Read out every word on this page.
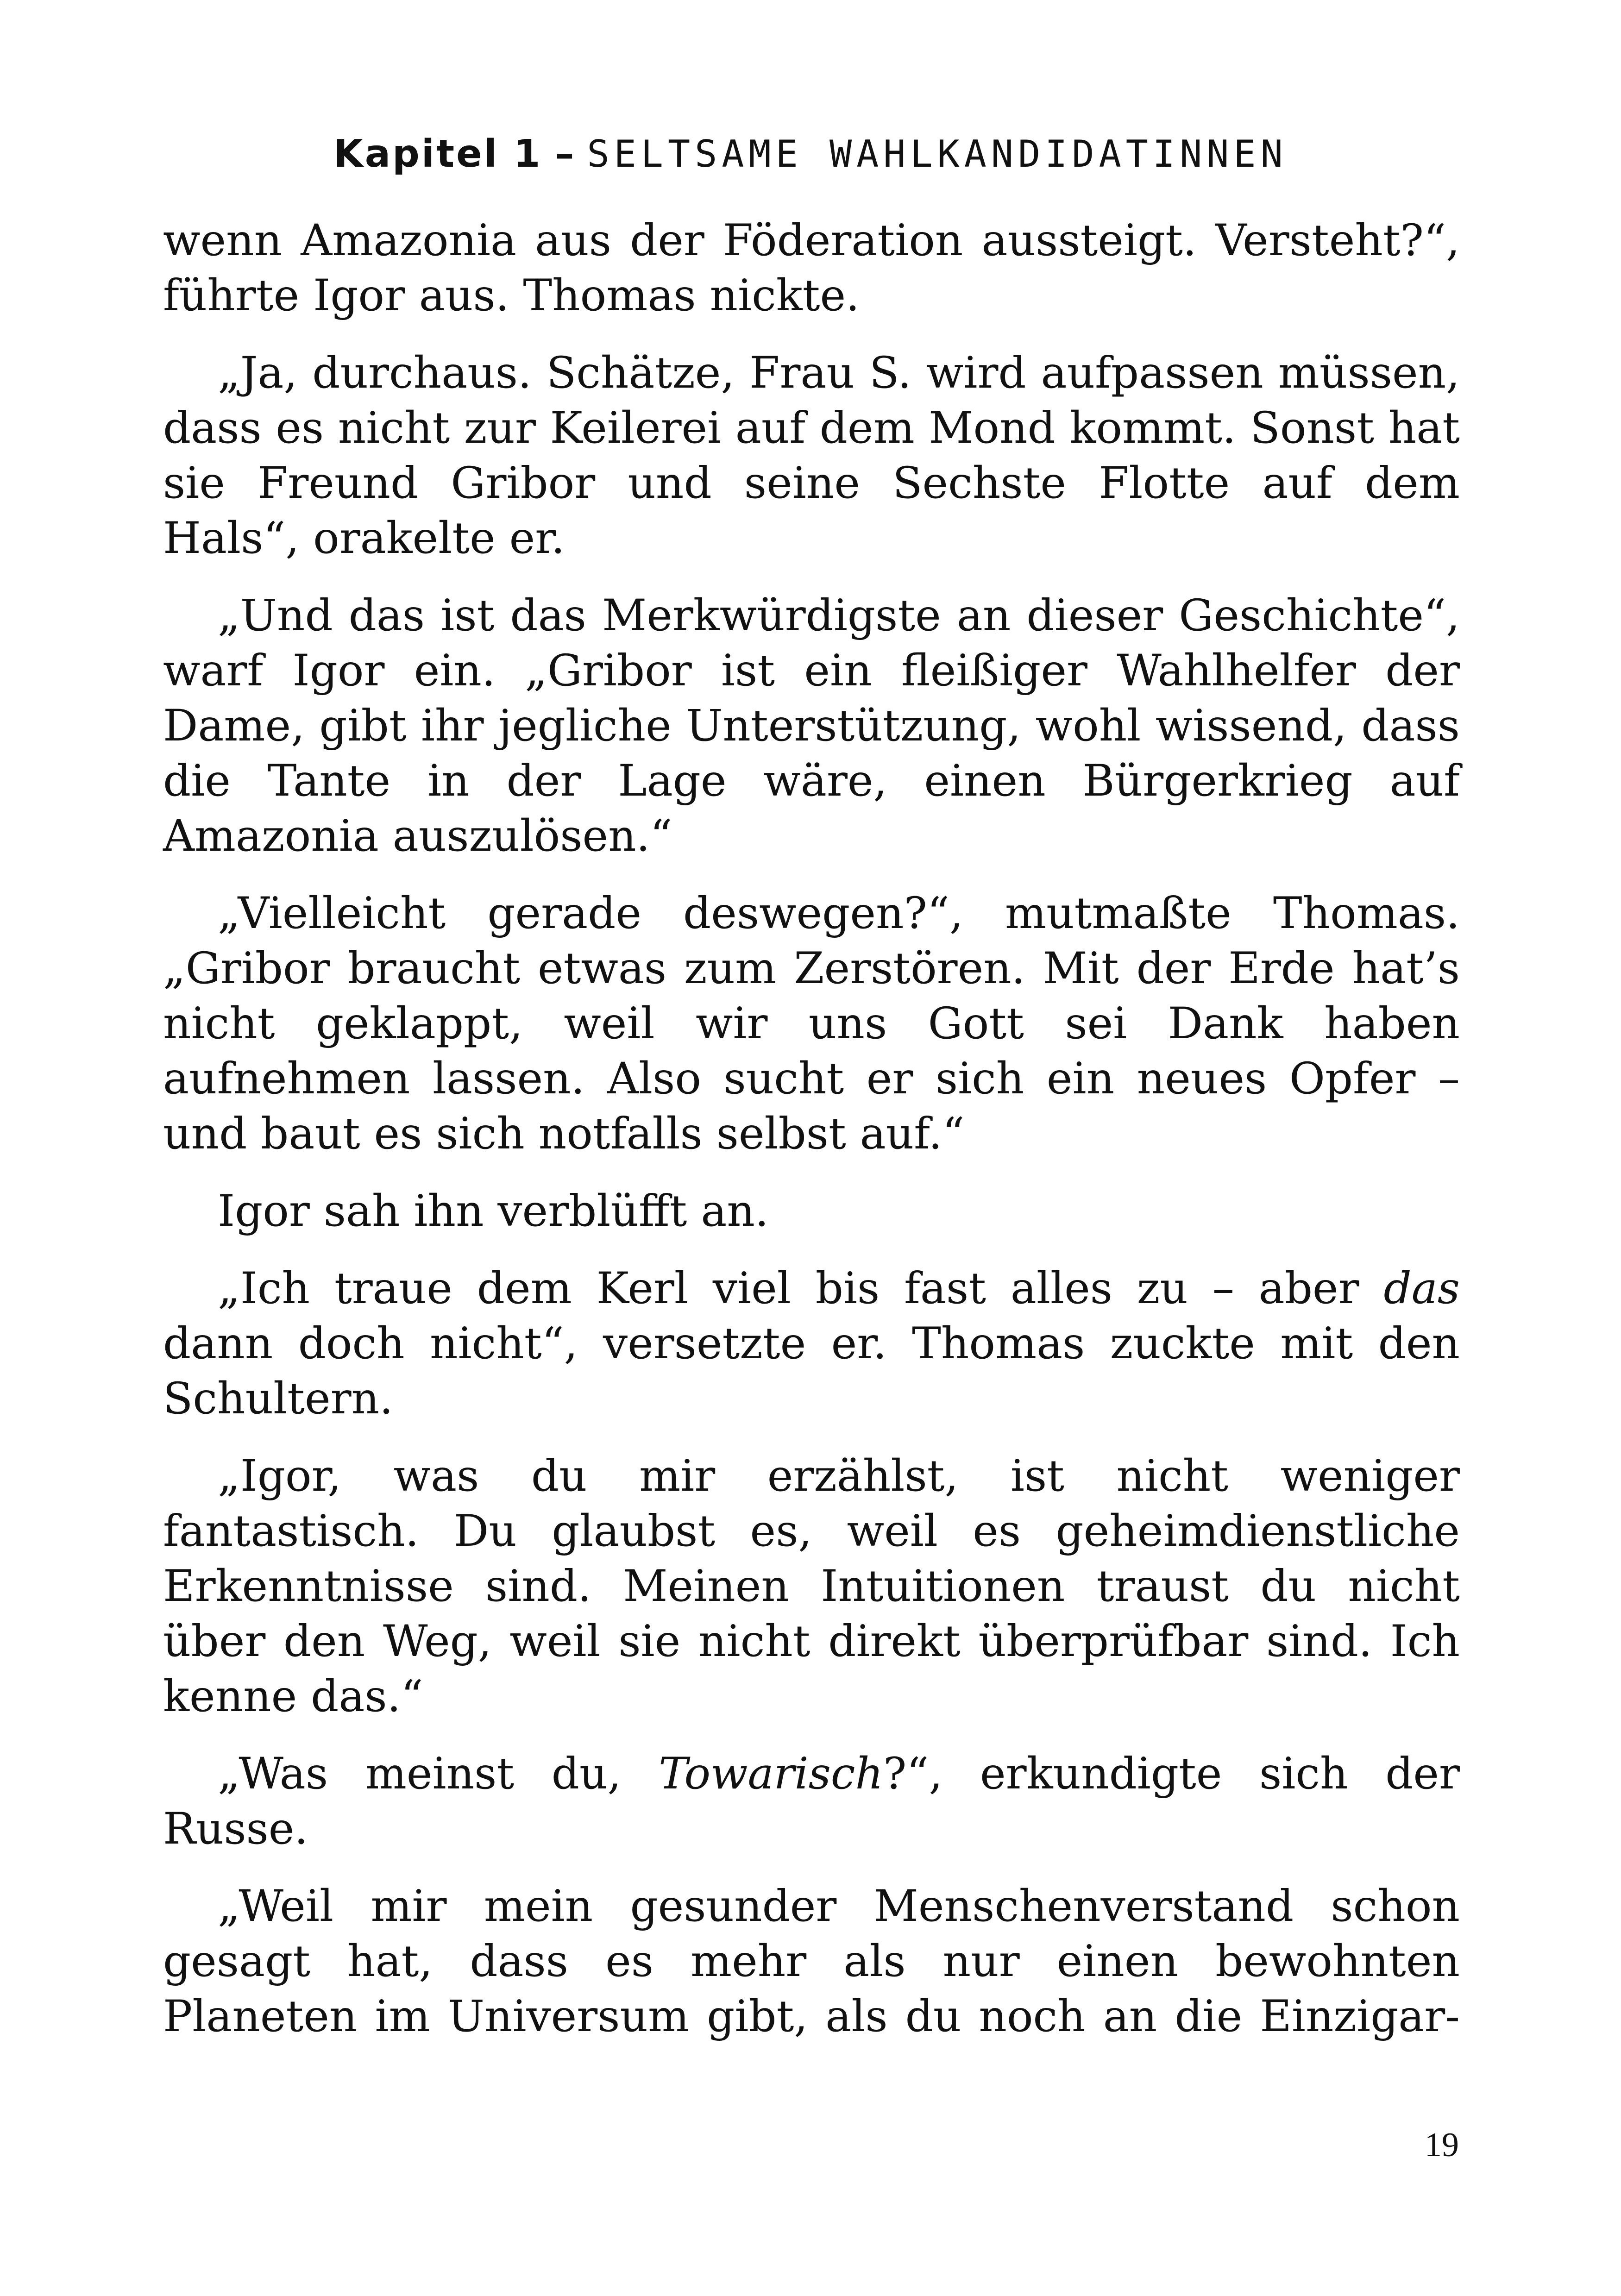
Kapitel 1 – SELTSAME WAHLKANDIDATINNEN

wenn Amazonia aus der Föderation aussteigt. Versteht?“, führte Igor aus. Thomas nickte.

„Ja, durchaus. Schätze, Frau S. wird aufpassen müssen, dass es nicht zur Keilerei auf dem Mond kommt. Sonst hat sie Freund Gribor und seine Sechste Flotte auf dem Hals“, orakelte er.

„Und das ist das Merkwürdigste an dieser Geschichte“, warf Igor ein. „Gribor ist ein fleißiger Wahlhelfer der Dame, gibt ihr jegliche Unterstützung, wohl wissend, dass die Tante in der Lage wäre, einen Bürgerkrieg auf Amazonia auszulösen.“

„Vielleicht gerade deswegen?“, mutmaßte Thomas. „Gribor braucht etwas zum Zerstören. Mit der Erde hat’s nicht geklappt, weil wir uns Gott sei Dank haben aufnehmen lassen. Also sucht er sich ein neues Opfer – und baut es sich notfalls selbst auf.“

Igor sah ihn verblüfft an.

„Ich traue dem Kerl viel bis fast alles zu – aber das dann doch nicht“, versetzte er. Thomas zuckte mit den Schultern.

„Igor, was du mir erzählst, ist nicht weniger fantastisch. Du glaubst es, weil es geheimdienstliche Erkenntnisse sind. Meinen Intuitionen traust du nicht über den Weg, weil sie nicht direkt überprüfbar sind. Ich kenne das.“

„Was meinst du, Towarisch?“, erkundigte sich der Russe.

„Weil mir mein gesunder Menschenverstand schon gesagt hat, dass es mehr als nur einen bewohnten Planeten im Universum gibt, als du noch an die Einzigar-

19
